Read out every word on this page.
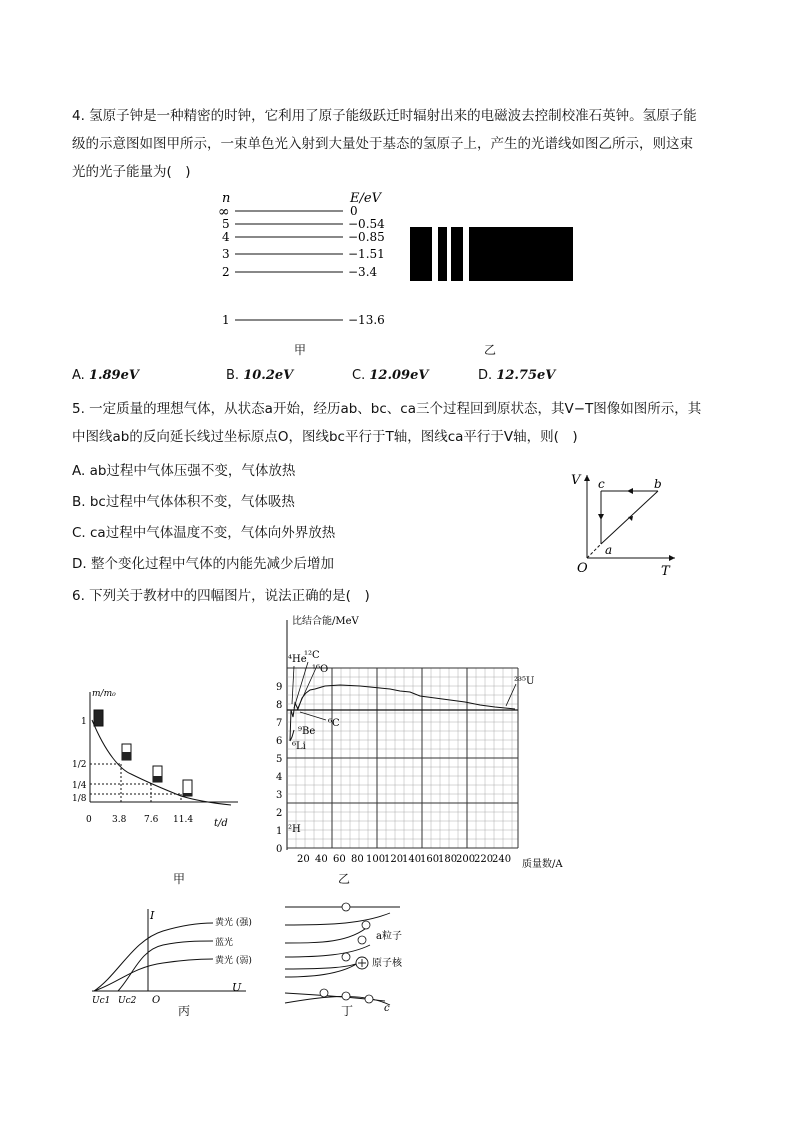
4. 氢原子钟是一种精密的时钟，它利用了原子能级跃迁时辐射出来的电磁波去控制校准石英钟。氢原子能
级的示意图如图甲所示，一束单色光入射到大量处于基态的氢原子上，产生的光谱线如图乙所示，则这束
光的光子能量为(　)
n	E/eV
∞	0
5	−0.54
4	−0.85
3	−1.51
2	−3.4
1	−13.6
甲	乙
A. 1.89eV	B. 10.2eV	C. 12.09eV	D. 12.75eV
5. 一定质量的理想气体，从状态a开始，经历ab、bc、ca三个过程回到原状态，其V−T图像如图所示，其
中图线ab的反向延长线过坐标原点O，图线bc平行于T轴，图线ca平行于V轴，则(　)
A. ab过程中气体压强不变，气体放热
B. bc过程中气体体积不变，气体吸热
C. ca过程中气体温度不变，气体向外界放热
D. 整个变化过程中气体的内能先减少后增加
V
T
O
a
b
c
6. 下列关于教材中的四幅图片，说法正确的是(　)
m/m₀
t/d
1
1/2
1/4
1/8
0 3.8 7.6 11.4
甲
比结合能/MeV
质量数/A
0
1
2
3
4
5
6
7
8
9
20 40 60 80 100
120
140
160
180
200
220
240
⁴He
¹²C
¹⁶O
⁶C
⁹Be
⁶Li
²H
²³⁵U
乙
I
U
黄光 (强)
蓝光
黄光 (弱)
Uc1 Uc2 O
丙
a粒子
原子核
c
丁
